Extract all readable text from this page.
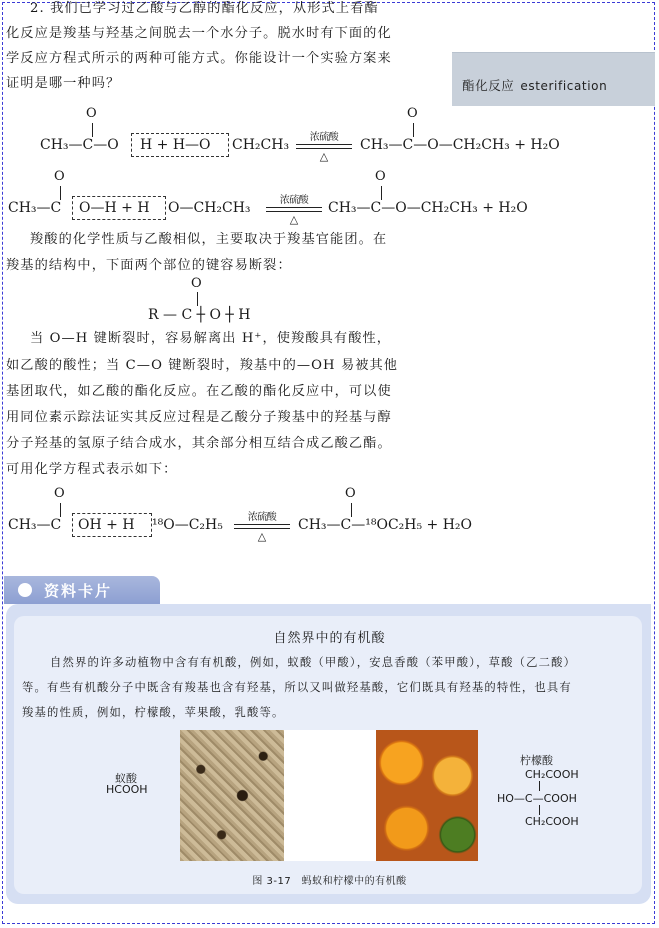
2. 我们已学习过乙酸与乙醇的酯化反应，从形式上看酯
化反应是羧基与羟基之间脱去一个水分子。脱水时有下面的化
学反应方程式所示的两种可能方式。你能设计一个实验方案来
证明是哪一种吗？	酯化反应 esterification
O
CH₃—C—O H + H—O CH₂CH₃	浓硫酸
△
O
CH₃—C—O—CH₂CH₃ + H₂O
O
CH₃—C O—H + H O—CH₂CH₃	浓硫酸
△
O
CH₃—C—O—CH₂CH₃ + H₂O
羧酸的化学性质与乙酸相似，主要取决于羧基官能团。在
羧基的结构中，下面两个部位的键容易断裂：
O
R — C ┼ O ┼ H
当 O—H 键断裂时，容易解离出 H⁺，使羧酸具有酸性，
如乙酸的酸性；当 C—O 键断裂时，羧基中的—OH 易被其他
基团取代，如乙酸的酯化反应。在乙酸的酯化反应中，可以使
用同位素示踪法证实其反应过程是乙酸分子羧基中的羟基与醇
分子羟基的氢原子结合成水，其余部分相互结合成乙酸乙酯。
可用化学方程式表示如下：
O
CH₃—C OH + H ¹⁸O—C₂H₅	浓硫酸
△
O
CH₃—C—¹⁸OC₂H₅ + H₂O
资料卡片
自然界中的有机酸
自然界的许多动植物中含有有机酸，例如，蚁酸（甲酸），安息香酸（苯甲酸），草酸（乙二酸）
等。有些有机酸分子中既含有羧基也含有羟基，所以又叫做羟基酸，它们既具有羟基的特性，也具有
羧基的性质，例如，柠檬酸，苹果酸，乳酸等。
蚁酸
HCOOH
柠檬酸
CH₂COOH
HO—C—COOH
CH₂COOH
图 3-17　蚂蚁和柠檬中的有机酸
